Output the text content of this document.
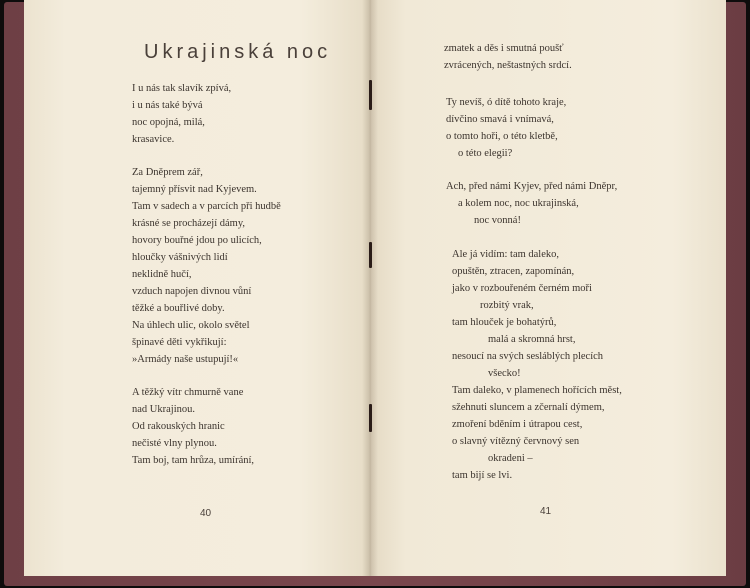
Ukrajinská noc
I u nás tak slavík zpívá,
i u nás také bývá
noc opojná, milá,
krasavice.
Za Dněprem zář,
tajemný přísvit nad Kyjevem.
Tam v sadech a v parcích při hudbě
krásné se procházejí dámy,
hovory bouřné jdou po ulicích,
hloučky vášnivých lidí
neklidně hučí,
vzduch napojen divnou vůní
těžké a bouřlivé doby.
Na úhlech ulic, okolo světel
špinavé děti vykřikují:
»Armády naše ustupují!«
A těžký vítr chmurně vane
nad Ukrajinou.
Od rakouských hranic
nečisté vlny plynou.
Tam boj, tam hrůza, umírání,
40
zmatek a děs i smutná poušť
zvrácených, neštastných srdcí.
Ty nevíš, ó dítě tohoto kraje,
dívčino smavá i vnímavá,
o tomto hoři, o této kletbě,
o této elegii?
Ach, před námi Kyjev, před námi Dněpr,
a kolem noc, noc ukrajinská,
noc vonná!
Ale já vidím: tam daleko,
opuštěn, ztracen, zapomínán,
jako v rozbouřeném černém moři
rozbitý vrak,
tam hlouček je bohatýrů,
malá a skromná hrst,
nesoucí na svých sesláblých plecích
všecko!
Tam daleko, v plamenech hořících měst,
sžehnuti sluncem a zčernalí dýmem,
zmoření bděním i útrapou cest,
o slavný vítězný červnový sen
okradeni –
tam bijí se lvi.
41
